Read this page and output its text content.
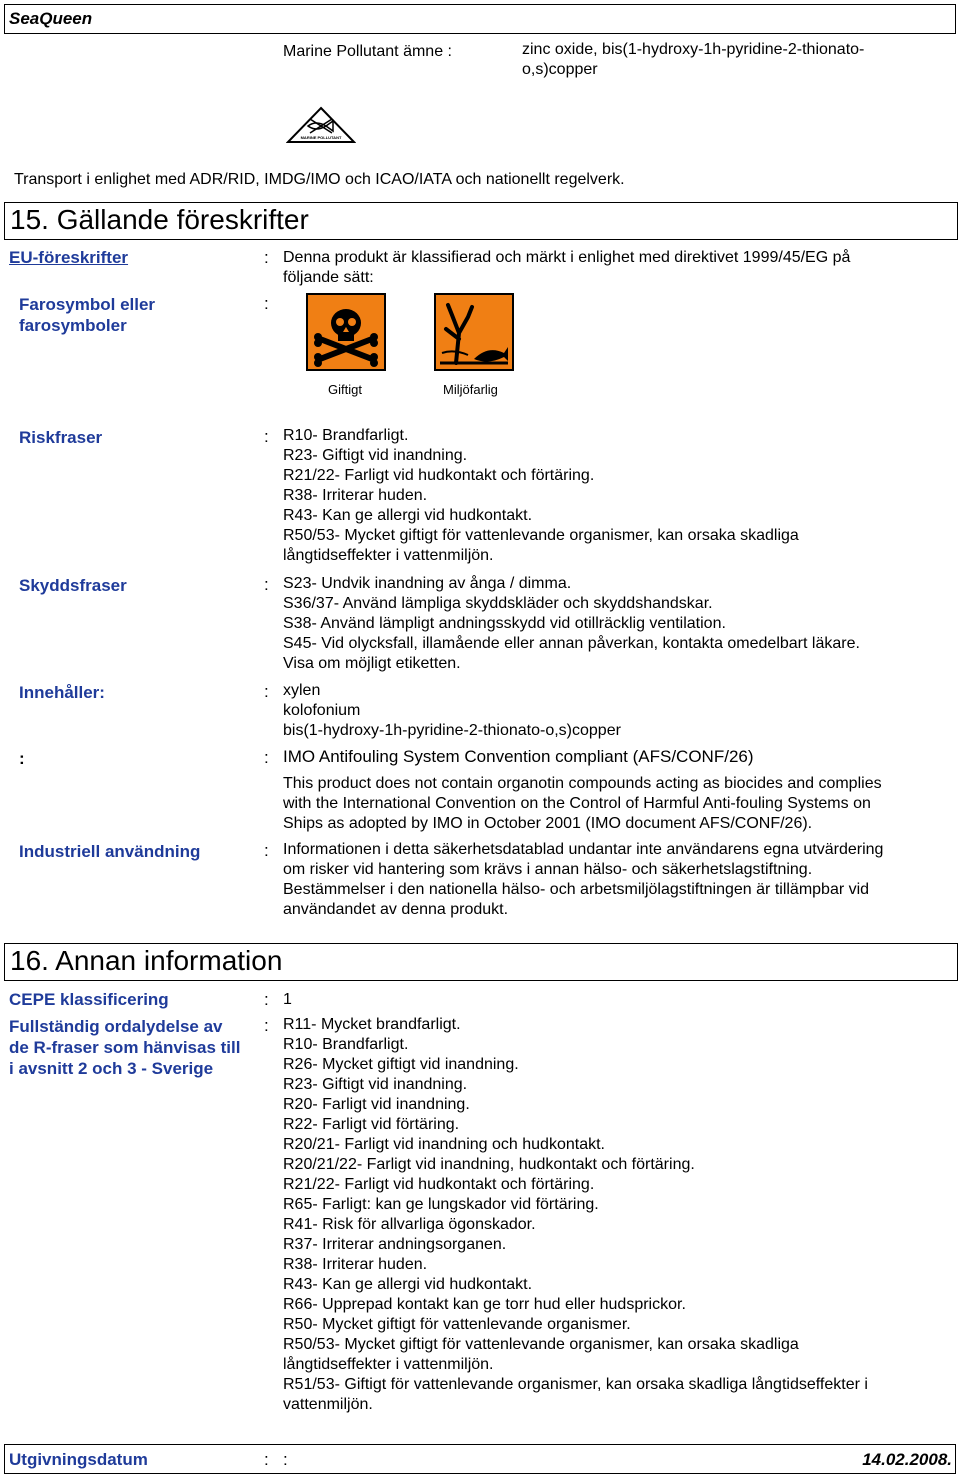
SeaQueen
Marine Pollutant ämne :	zinc oxide, bis(1-hydroxy-1h-pyridine-2-thionato-
o,s)copper
MARINE POLLUTANT
Transport i enlighet med ADR/RID, IMDG/IMO och ICAO/IATA och nationellt regelverk.
15. Gällande föreskrifter
EU-föreskrifter	: Denna produkt är klassifierad och märkt i enlighet med direktivet 1999/45/EG på
följande sätt:
Farosymbol eller
farosymboler
:
Giftigt	Miljöfarlig
Riskfraser	: R10- Brandfarligt.
R23- Giftigt vid inandning.
R21/22- Farligt vid hudkontakt och förtäring.
R38- Irriterar huden.
R43- Kan ge allergi vid hudkontakt.
R50/53- Mycket giftigt för vattenlevande organismer, kan orsaka skadliga
långtidseffekter i vattenmiljön.
Skyddsfraser	: S23- Undvik inandning av ånga / dimma.
S36/37- Använd lämpliga skyddskläder och skyddshandskar.
S38- Använd lämpligt andningsskydd vid otillräcklig ventilation.
S45- Vid olycksfall, illamående eller annan påverkan, kontakta omedelbart läkare.
Visa om möjligt etiketten.
Innehåller:	: xylen
kolofonium
bis(1-hydroxy-1h-pyridine-2-thionato-o,s)copper
:	: IMO Antifouling System Convention compliant (AFS/CONF/26)
This product does not contain organotin compounds acting as biocides and complies
with the International Convention on the Control of Harmful Anti-fouling Systems on
Ships as adopted by IMO in October 2001 (IMO document AFS/CONF/26).
Industriell användning	: Informationen i detta säkerhetsdatablad undantar inte användarens egna utvärdering
om risker vid hantering som krävs i annan hälso- och säkerhetslagstiftning.
Bestämmelser i den nationella hälso- och arbetsmiljölagstiftningen är tillämpbar vid
användandet av denna produkt.
16. Annan information
CEPE klassificering	: 1
Fullständig ordalydelse av
de R-fraser som hänvisas till
i avsnitt 2 och 3 - Sverige
: R11- Mycket brandfarligt.
R10- Brandfarligt.
R26- Mycket giftigt vid inandning.
R23- Giftigt vid inandning.
R20- Farligt vid inandning.
R22- Farligt vid förtäring.
R20/21- Farligt vid inandning och hudkontakt.
R20/21/22- Farligt vid inandning, hudkontakt och förtäring.
R21/22- Farligt vid hudkontakt och förtäring.
R65- Farligt: kan ge lungskador vid förtäring.
R41- Risk för allvarliga ögonskador.
R37- Irriterar andningsorganen.
R38- Irriterar huden.
R43- Kan ge allergi vid hudkontakt.
R66- Upprepad kontakt kan ge torr hud eller hudsprickor.
R50- Mycket giftigt för vattenlevande organismer.
R50/53- Mycket giftigt för vattenlevande organismer, kan orsaka skadliga
långtidseffekter i vattenmiljön.
R51/53- Giftigt för vattenlevande organismer, kan orsaka skadliga långtidseffekter i
vattenmiljön.
Utgivningsdatum	: :	14.02.2008.
